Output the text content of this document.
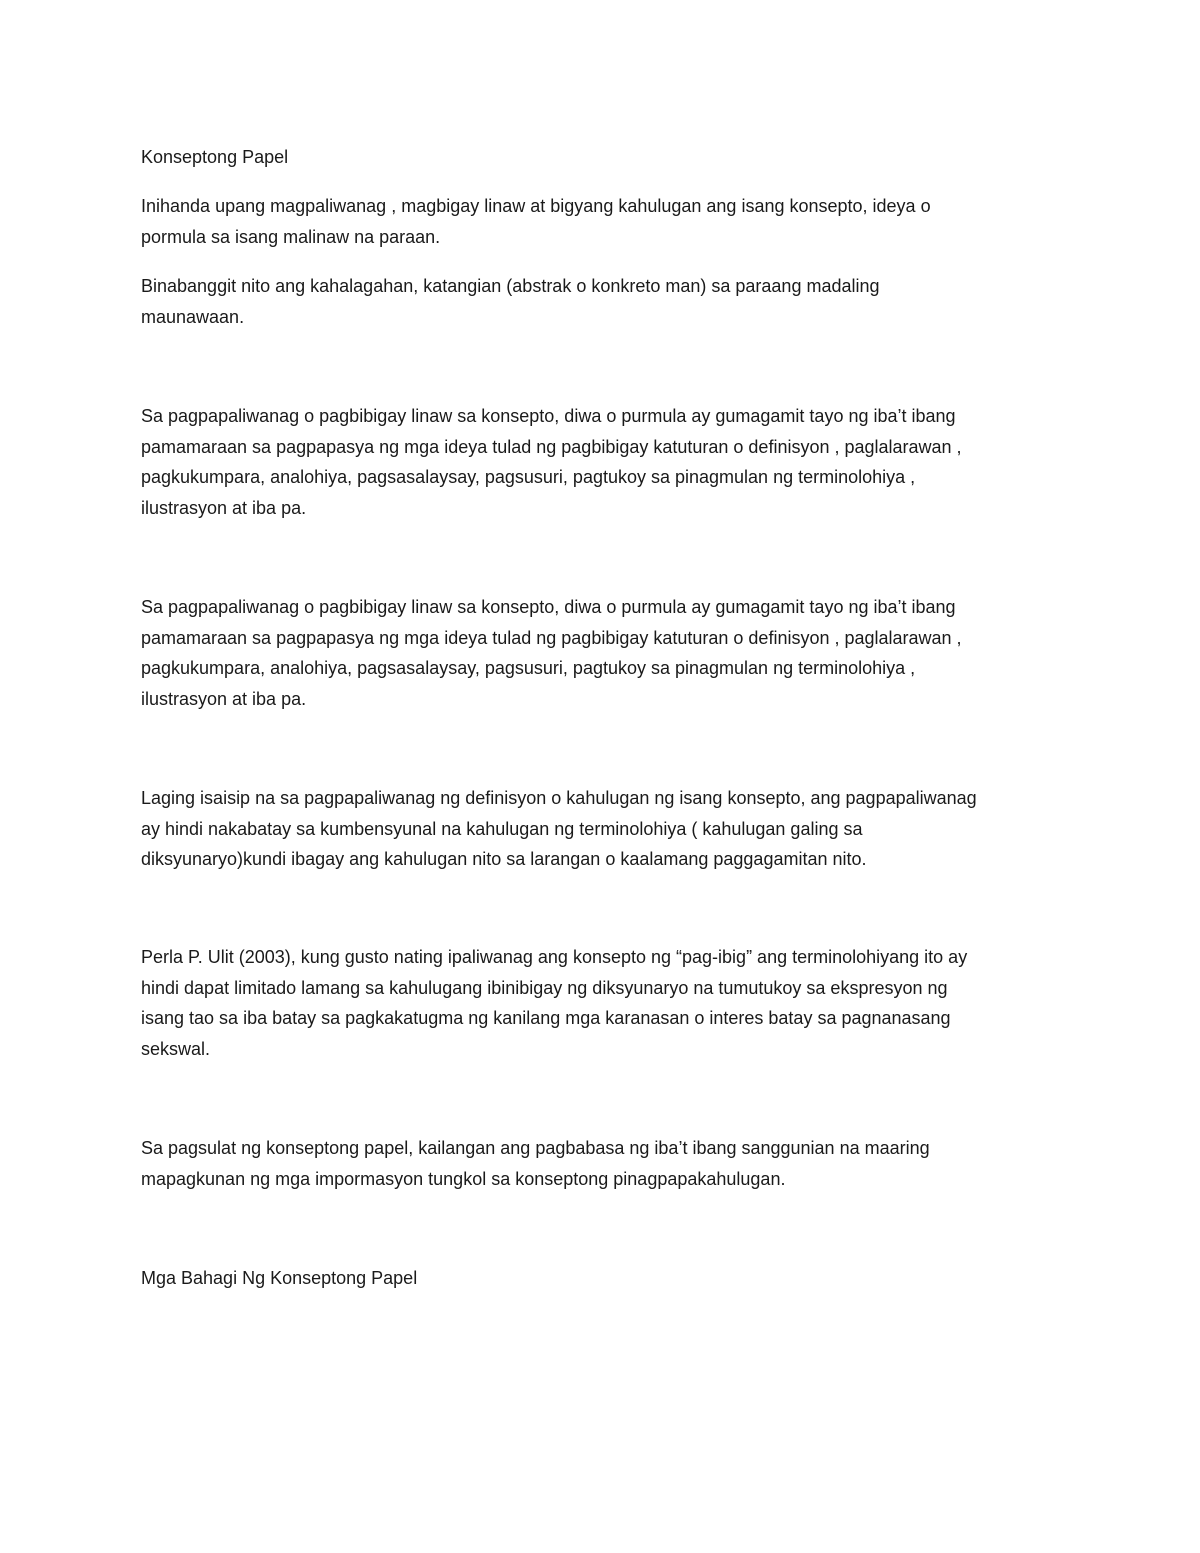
Konseptong Papel

Inihanda upang magpaliwanag , magbigay linaw at bigyang kahulugan ang isang konsepto, ideya o
pormula sa isang malinaw na paraan.

Binabanggit nito ang kahalagahan, katangian (abstrak o konkreto man) sa paraang madaling
maunawaan.

Sa pagpapaliwanag o pagbibigay linaw sa konsepto, diwa o purmula ay gumagamit tayo ng iba’t ibang
pamamaraan sa pagpapasya ng mga ideya tulad ng pagbibigay katuturan o definisyon , paglalarawan ,
pagkukumpara, analohiya, pagsasalaysay, pagsusuri, pagtukoy sa pinagmulan ng terminolohiya ,
ilustrasyon at iba pa.

Sa pagpapaliwanag o pagbibigay linaw sa konsepto, diwa o purmula ay gumagamit tayo ng iba’t ibang
pamamaraan sa pagpapasya ng mga ideya tulad ng pagbibigay katuturan o definisyon , paglalarawan ,
pagkukumpara, analohiya, pagsasalaysay, pagsusuri, pagtukoy sa pinagmulan ng terminolohiya ,
ilustrasyon at iba pa.

Laging isaisip na sa pagpapaliwanag ng definisyon o kahulugan ng isang konsepto, ang pagpapaliwanag
ay hindi nakabatay sa kumbensyunal na kahulugan ng terminolohiya ( kahulugan galing sa
diksyunaryo)kundi ibagay ang kahulugan nito sa larangan o kaalamang paggagamitan nito.

Perla P. Ulit (2003), kung gusto nating ipaliwanag ang konsepto ng “pag-ibig” ang terminolohiyang ito ay
hindi dapat limitado lamang sa kahulugang ibinibigay ng diksyunaryo na tumutukoy sa ekspresyon ng
isang tao sa iba batay sa pagkakatugma ng kanilang mga karanasan o interes batay sa pagnanasang
sekswal.

Sa pagsulat ng konseptong papel, kailangan ang pagbabasa ng iba’t ibang sanggunian na maaring
mapagkunan ng mga impormasyon tungkol sa konseptong pinagpapakahulugan.

Mga Bahagi Ng Konseptong Papel
